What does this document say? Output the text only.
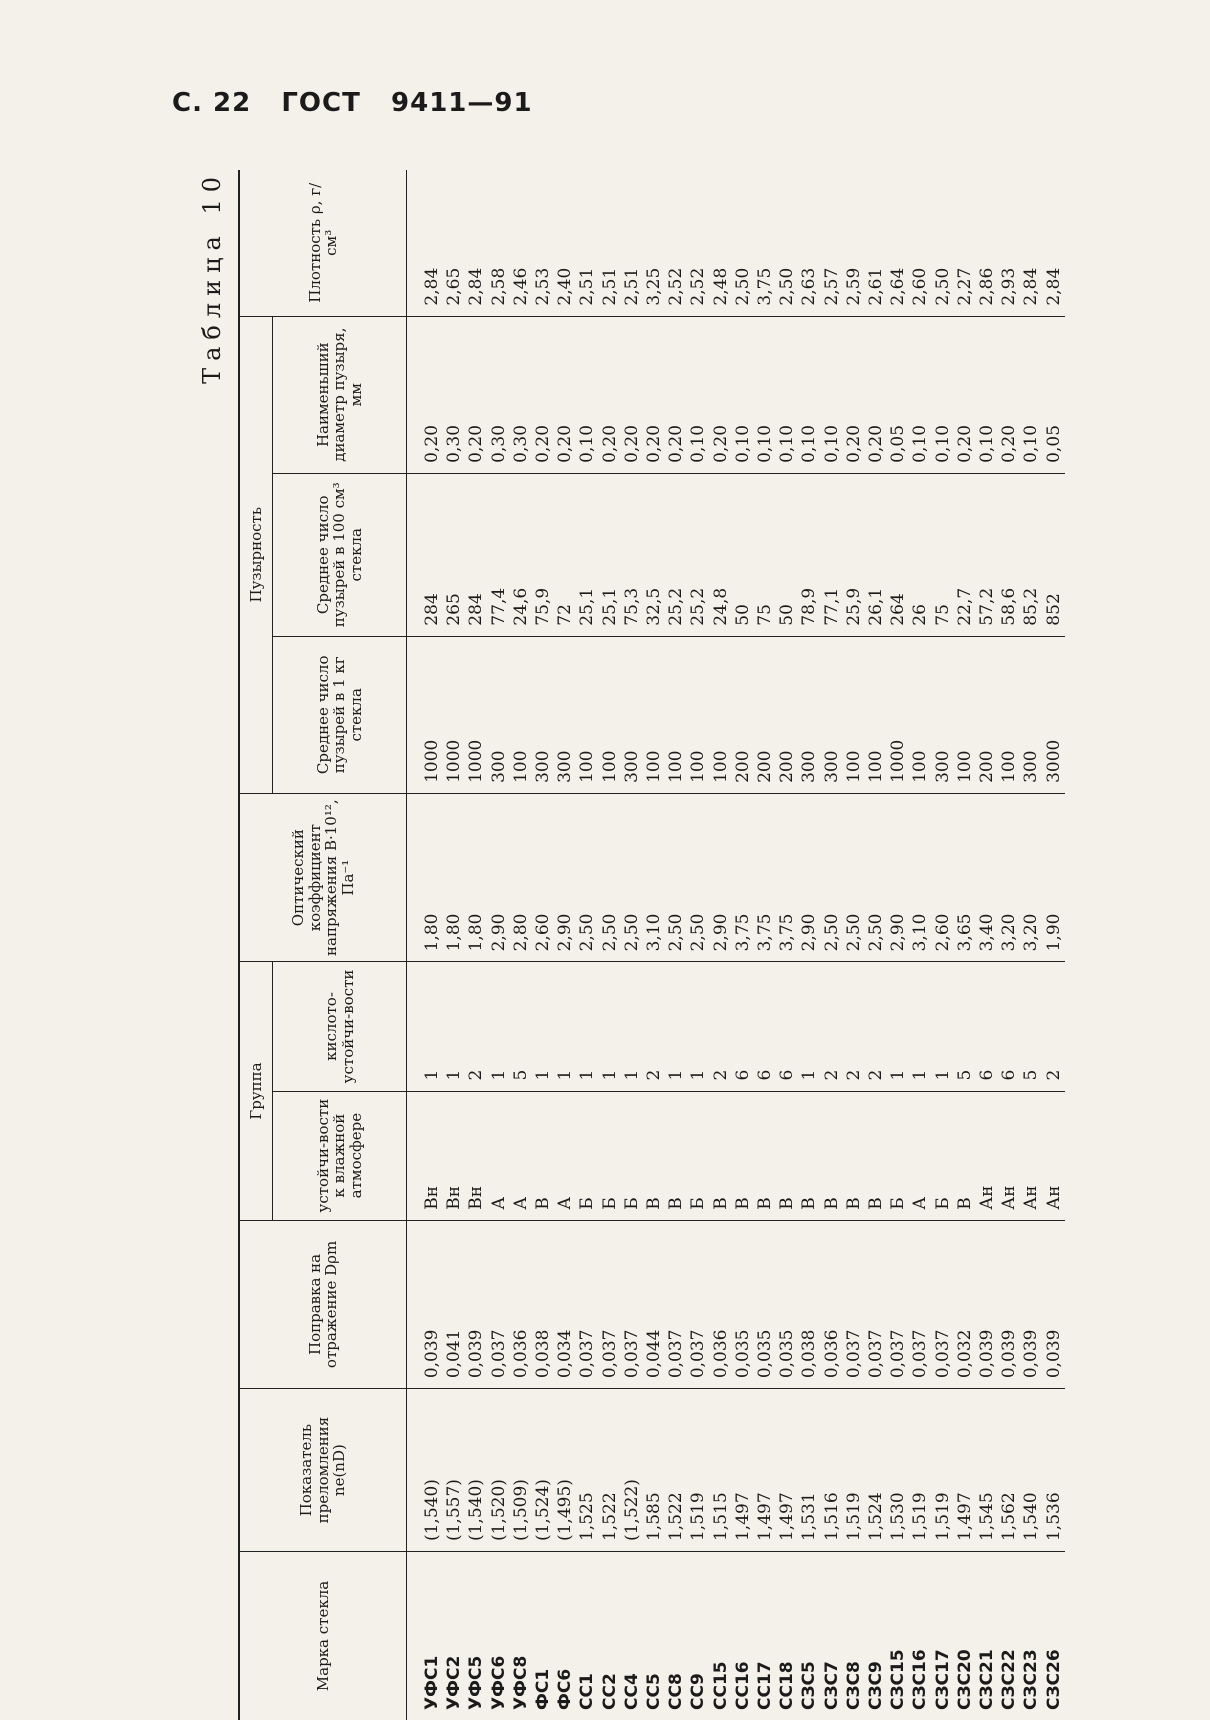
С. 22 ГОСТ 9411—91
Таблица 10
Марка стекла	Показатель преломления nе(nD)	Поправка на отражение Dρm	Группа		Оптический коэффициент напряжения B·10¹², Па⁻¹	Пузырность			Плотность ρ, г/см³
			устойчи-вости к влажной атмосфере	кислото-устойчи-вости		Среднее число пузырей в 1 кг стекла	Среднее число пузырей в 100 см³ стекла	Наименьший диаметр пузыря, мм	
УФС1	(1,540)	0,039	Вн	1	1,80	1000	284	0,20	2,84
УФС2	(1,557)	0,041	Вн	1	1,80	1000	265	0,30	2,65
УФС5	(1,540)	0,039	Вн	2	1,80	1000	284	0,20	2,84
УФС6	(1,520)	0,037	А	1	2,90	300	77,4	0,30	2,58
УФС8	(1,509)	0,036	А	5	2,80	100	24,6	0,30	2,46
ФС1	(1,524)	0,038	В	1	2,60	300	75,9	0,20	2,53
ФС6	(1,495)	0,034	А	1	2,90	300	72	0,20	2,40
СС1	1,525	0,037	Б	1	2,50	100	25,1	0,10	2,51
СС2	1,522	0,037	Б	1	2,50	100	25,1	0,20	2,51
СС4	(1,522)	0,037	Б	1	2,50	300	75,3	0,20	2,51
СС5	1,585	0,044	В	2	3,10	100	32,5	0,20	3,25
СС8	1,522	0,037	В	1	2,50	100	25,2	0,20	2,52
СС9	1,519	0,037	Б	1	2,50	100	25,2	0,10	2,52
СС15	1,515	0,036	В	2	2,90	100	24,8	0,20	2,48
СС16	1,497	0,035	В	6	3,75	200	50	0,10	2,50
СС17	1,497	0,035	В	6	3,75	200	75	0,10	3,75
СС18	1,497	0,035	В	6	3,75	200	50	0,10	2,50
СЗС5	1,531	0,038	В	1	2,90	300	78,9	0,10	2,63
СЗС7	1,516	0,036	В	2	2,50	300	77,1	0,10	2,57
СЗС8	1,519	0,037	В	2	2,50	100	25,9	0,20	2,59
СЗС9	1,524	0,037	В	2	2,50	100	26,1	0,20	2,61
СЗС15	1,530	0,037	Б	1	2,90	1000	264	0,05	2,64
СЗС16	1,519	0,037	А	1	3,10	100	26	0,10	2,60
СЗС17	1,519	0,037	Б	1	2,60	300	75	0,10	2,50
СЗС20	1,497	0,032	В	5	3,65	100	22,7	0,20	2,27
СЗС21	1,545	0,039	Ан	6	3,40	200	57,2	0,10	2,86
СЗС22	1,562	0,039	Ан	6	3,20	100	58,6	0,20	2,93
СЗС23	1,540	0,039	Ан	5	3,20	300	85,2	0,10	2,84
СЗС26	1,536	0,039	Ан	2	1,90	3000	852	0,05	2,84
